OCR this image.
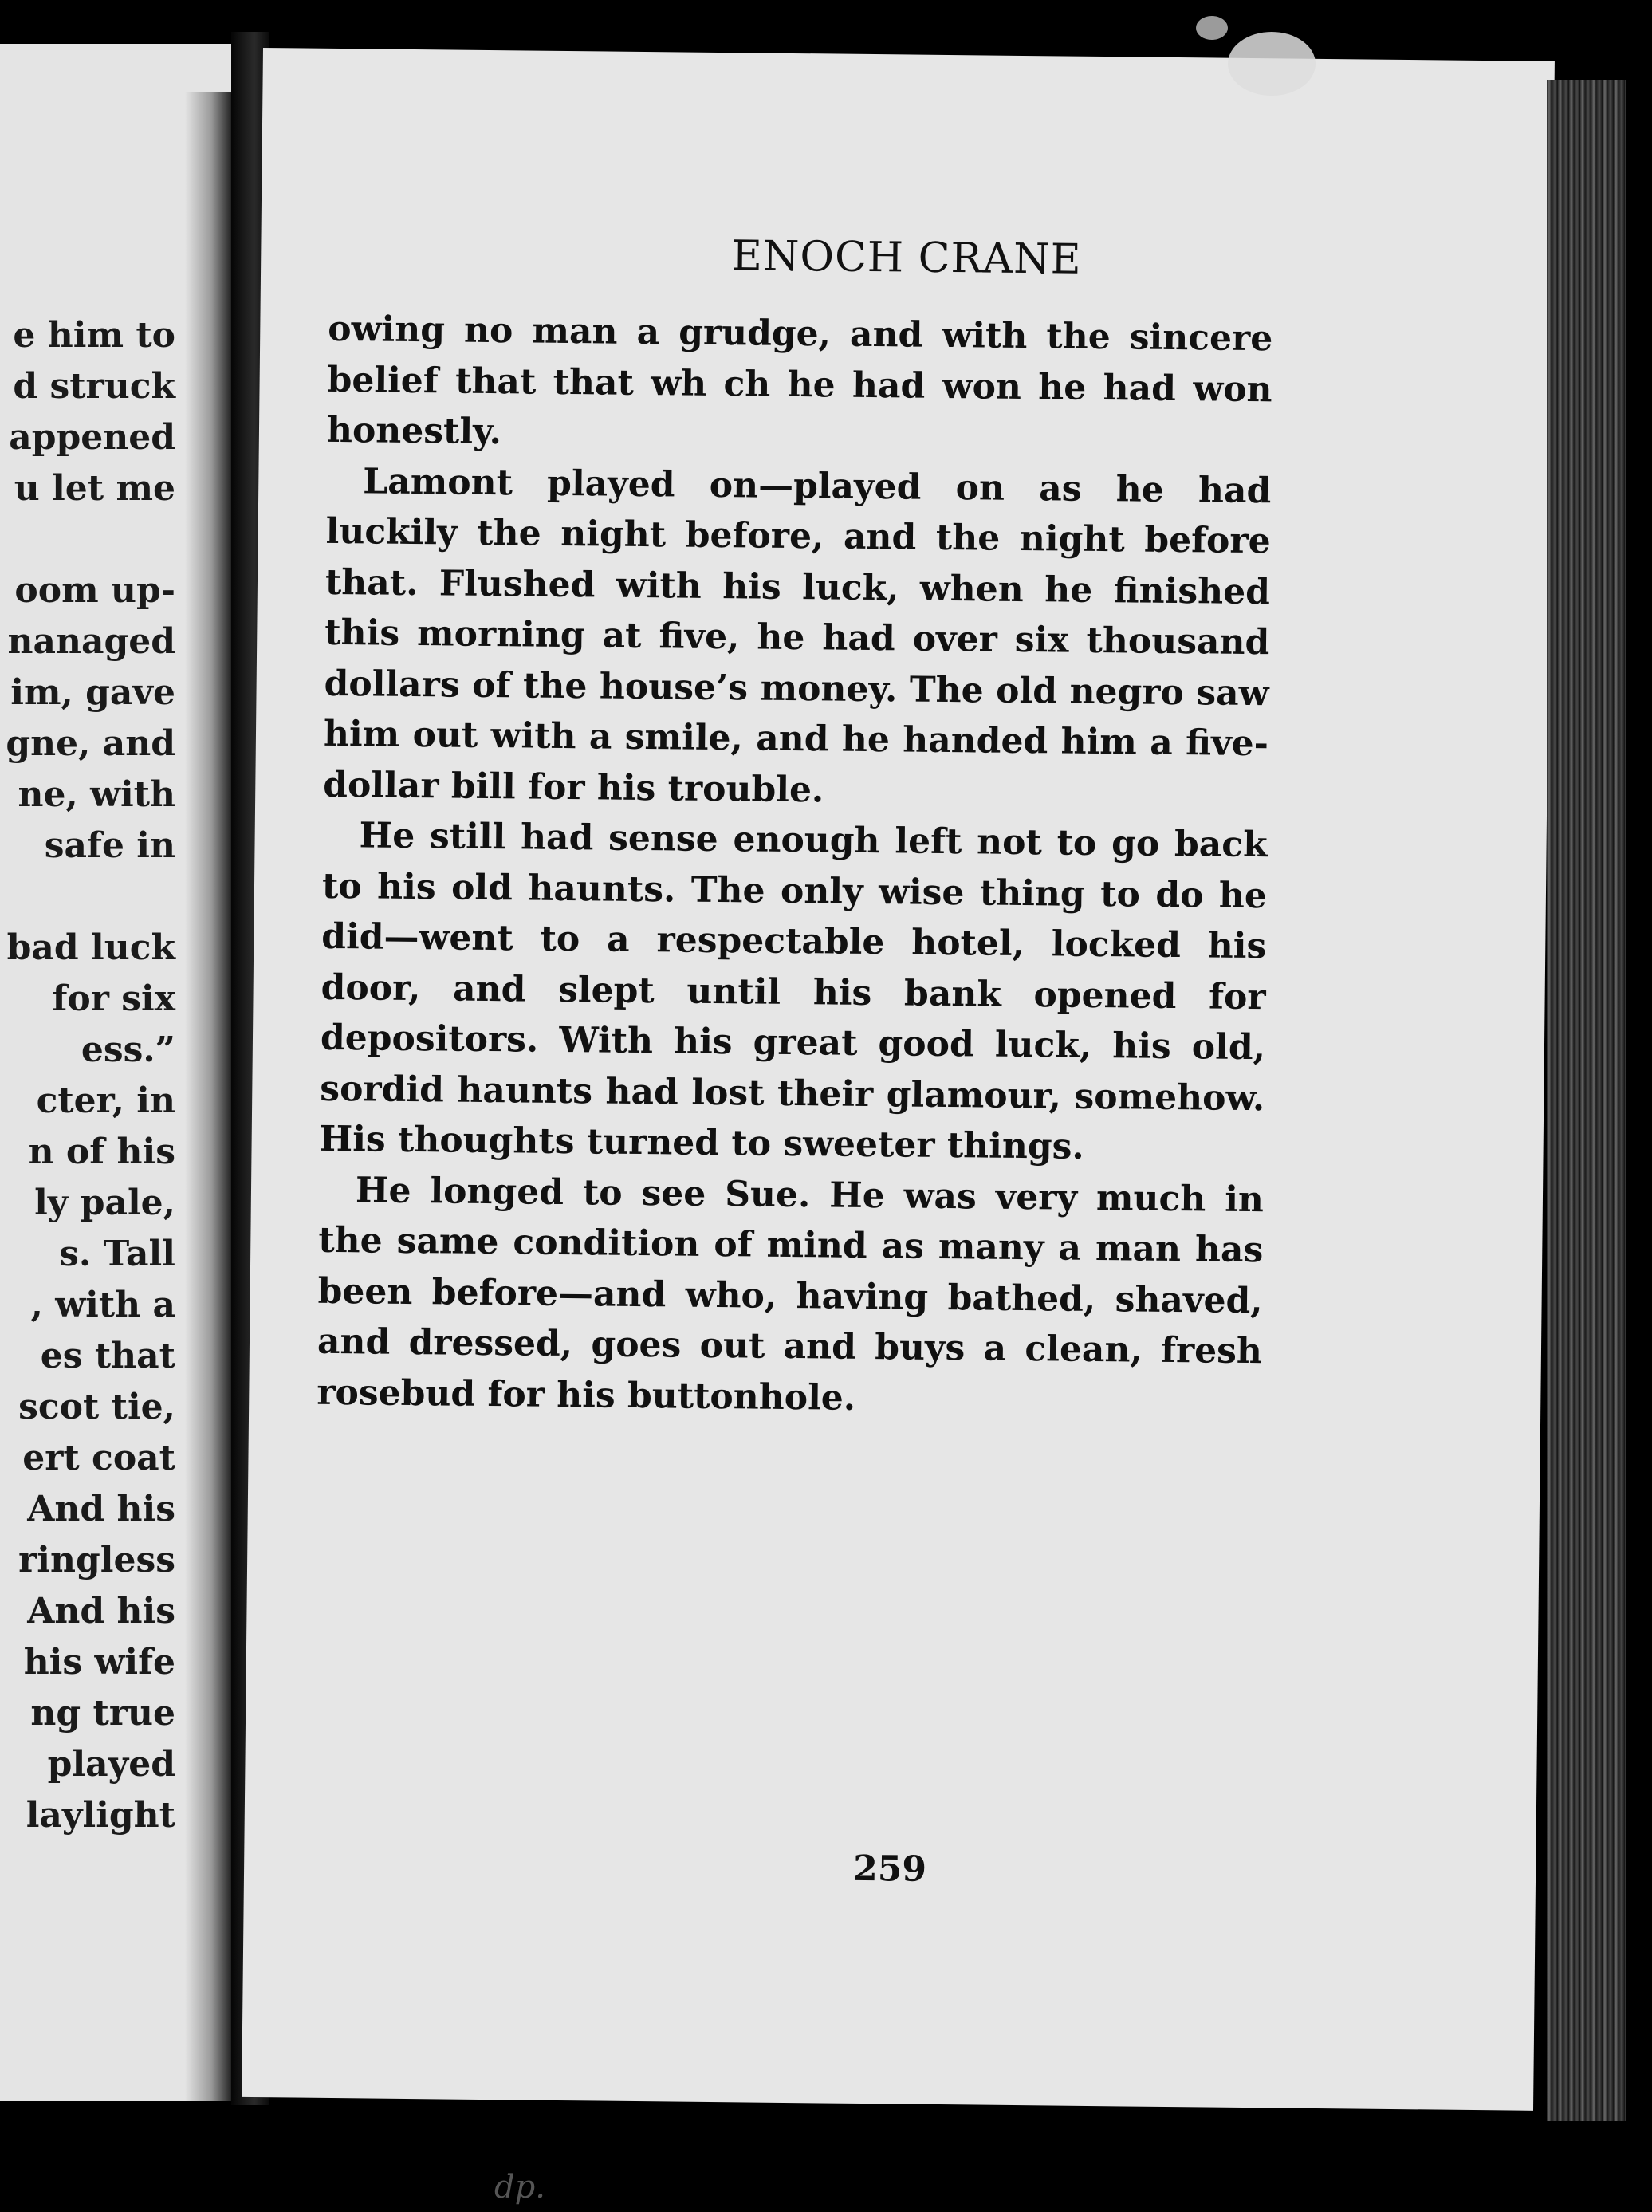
e him to
d struck
appened
u let me
oom up-
nanaged
im, gave
gne, and
ne, with
safe in
bad luck
for six
ess.”
cter, in
n of his
ly pale,
s. Tall
, with a
es that
scot tie,
ert coat
And his
ringless
And his
his wife
ng true
played
laylight
ENOCH CRANE

owing no man a grudge, and with the sincere belief that that wh ch he had won he had won honestly.

Lamont played on—played on as he had luckily the night before, and the night before that. Flushed with his luck, when he finished this morning at five, he had over six thousand dollars of the house’s money. The old negro saw him out with a smile, and he handed him a five-dollar bill for his trouble.

He still had sense enough left not to go back to his old haunts. The only wise thing to do he did—went to a respectable hotel, locked his door, and slept until his bank opened for depositors. With his great good luck, his old, sordid haunts had lost their glamour, somehow. His thoughts turned to sweeter things.

He longed to see Sue. He was very much in the same condition of mind as many a man has been before—and who, having bathed, shaved, and dressed, goes out and buys a clean, fresh rosebud for his buttonhole.

259
dp.
